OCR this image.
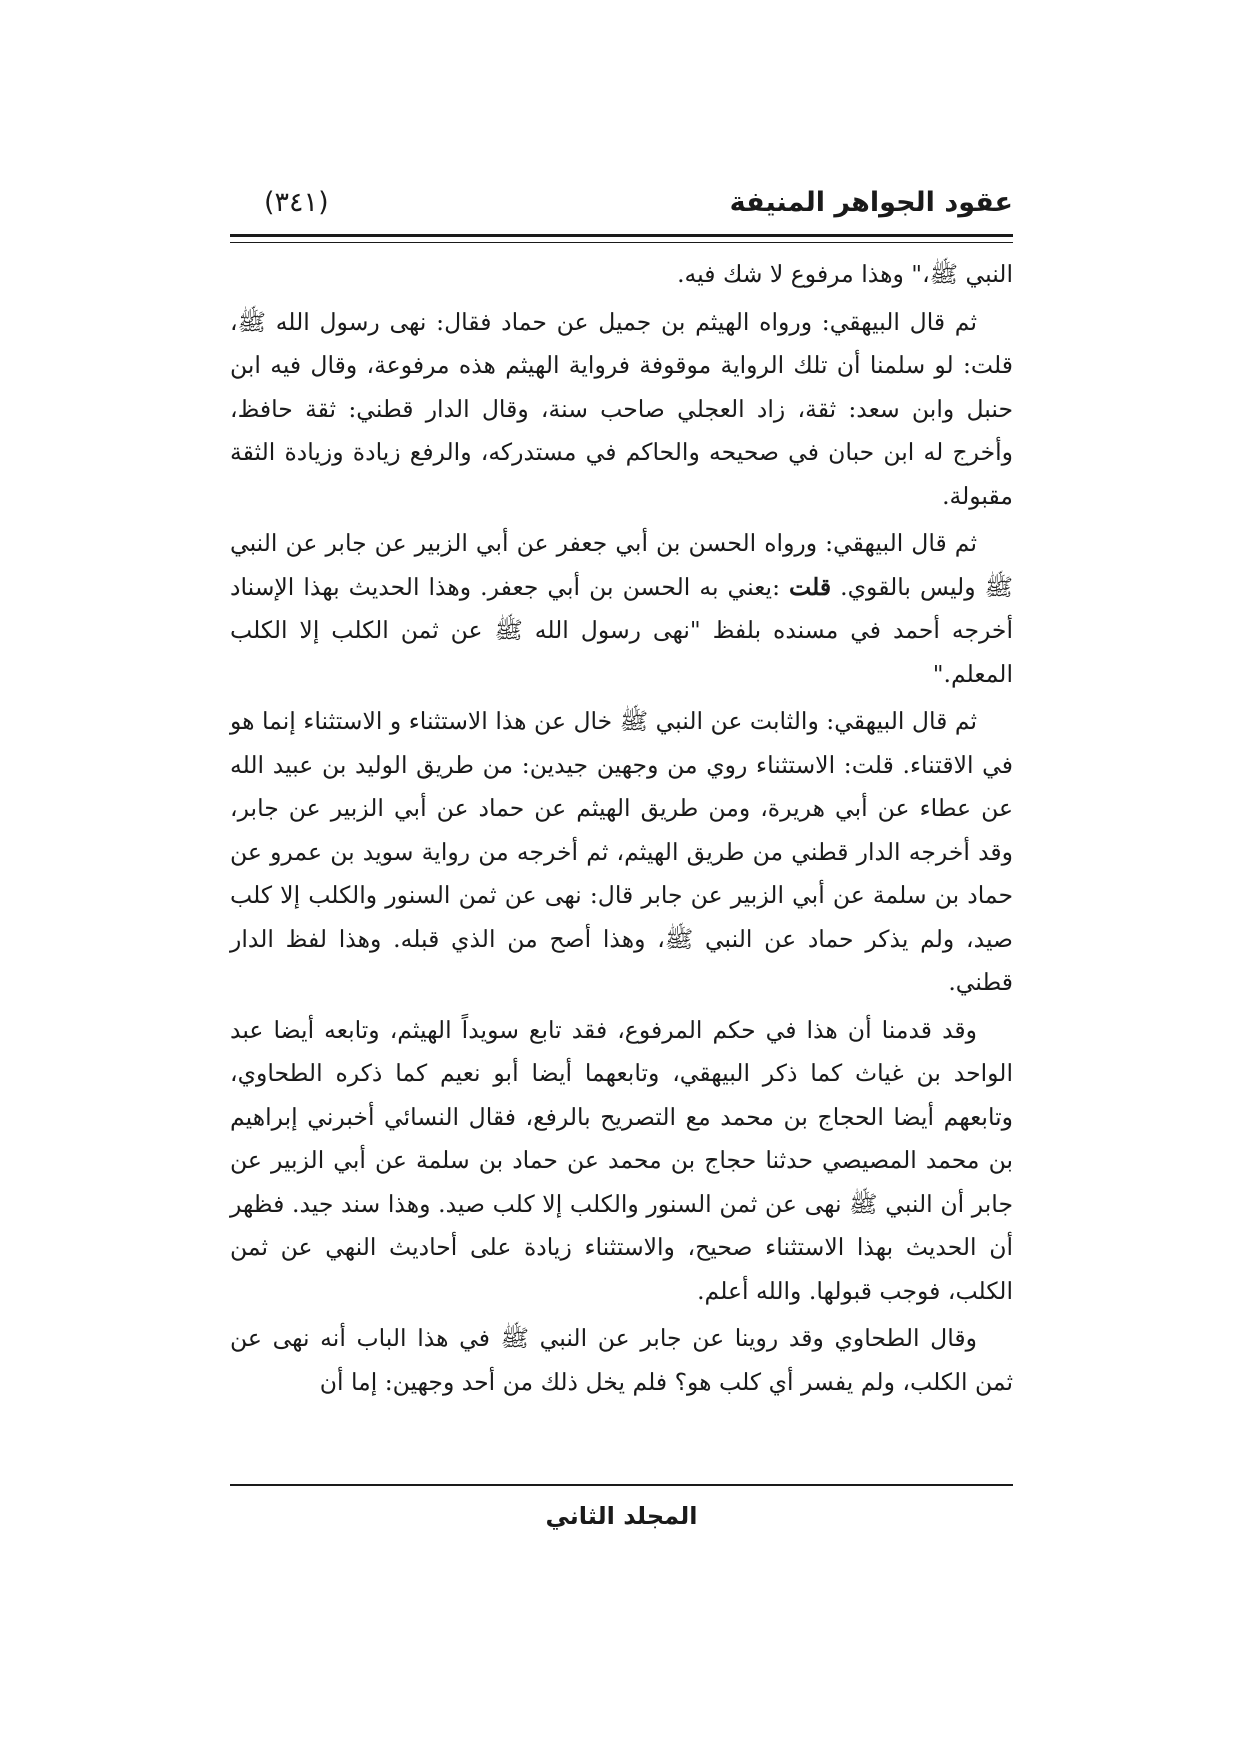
عقود الجواهر المنيفة
(٣٤١)

النبي ﷺ،" وهذا مرفوع لا شك فيه.

ثم قال البيهقي: ورواه الهيثم بن جميل عن حماد فقال: نهى رسول الله ﷺ، قلت: لو سلمنا أن تلك الرواية موقوفة فرواية الهيثم هذه مرفوعة، وقال فيه ابن حنبل وابن سعد: ثقة، زاد العجلي صاحب سنة، وقال الدار قطني: ثقة حافظ، وأخرج له ابن حبان في صحيحه والحاكم في مستدركه، والرفع زيادة وزيادة الثقة مقبولة.

ثم قال البيهقي: ورواه الحسن بن أبي جعفر عن أبي الزبير عن جابر عن النبي ﷺ وليس بالقوي. قلت :يعني به الحسن بن أبي جعفر. وهذا الحديث بهذا الإسناد أخرجه أحمد في مسنده بلفظ "نهى رسول الله ﷺ عن ثمن الكلب إلا الكلب المعلم."

ثم قال البيهقي: والثابت عن النبي ﷺ خال عن هذا الاستثناء و الاستثناء إنما هو في الاقتناء. قلت: الاستثناء روي من وجهين جيدين: من طريق الوليد بن عبيد الله عن عطاء عن أبي هريرة، ومن طريق الهيثم عن حماد عن أبي الزبير عن جابر، وقد أخرجه الدار قطني من طريق الهيثم، ثم أخرجه من رواية سويد بن عمرو عن حماد بن سلمة عن أبي الزبير عن جابر قال: نهى عن ثمن السنور والكلب إلا كلب صيد، ولم يذكر حماد عن النبي ﷺ، وهذا أصح من الذي قبله. وهذا لفظ الدار قطني.

وقد قدمنا أن هذا في حكم المرفوع، فقد تابع سويداً الهيثم، وتابعه أيضا عبد الواحد بن غياث كما ذكر البيهقي، وتابعهما أيضا أبو نعيم كما ذكره الطحاوي، وتابعهم أيضا الحجاج بن محمد مع التصريح بالرفع، فقال النسائي أخبرني إبراهيم بن محمد المصيصي حدثنا حجاج بن محمد عن حماد بن سلمة عن أبي الزبير عن جابر أن النبي ﷺ نهى عن ثمن السنور والكلب إلا كلب صيد. وهذا سند جيد. فظهر أن الحديث بهذا الاستثناء صحيح، والاستثناء زيادة على أحاديث النهي عن ثمن الكلب، فوجب قبولها. والله أعلم.

وقال الطحاوي وقد روينا عن جابر عن النبي ﷺ في هذا الباب أنه نهى عن ثمن الكلب، ولم يفسر أي كلب هو؟ فلم يخل ذلك من أحد وجهين: إما أن

المجلد الثاني
